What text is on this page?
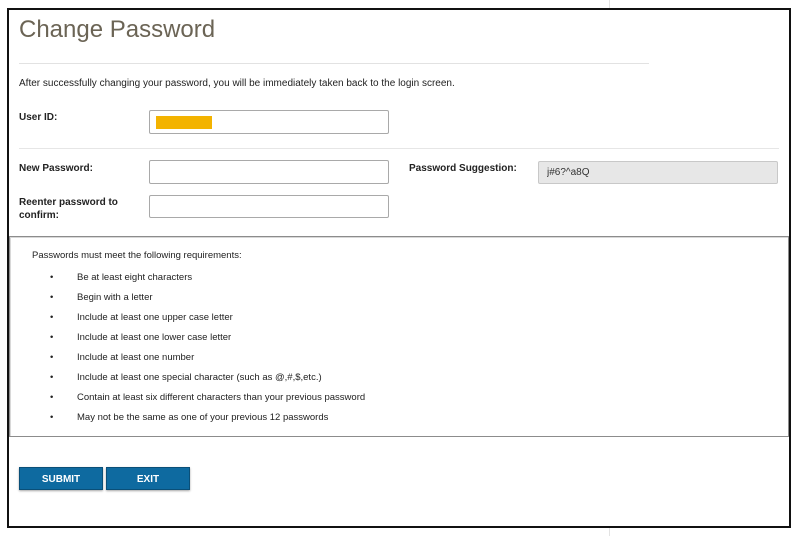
Change Password
After successfully changing your password, you will be immediately taken back to the login screen.
User ID:
New Password:
Reenter password to
confirm:
Password Suggestion:
j#6?^a8Q
Passwords must meet the following requirements:
• Be at least eight characters
• Begin with a letter
• Include at least one upper case letter
• Include at least one lower case letter
• Include at least one number
• Include at least one special character (such as @,#,$,etc.)
• Contain at least six different characters than your previous password
• May not be the same as one of your previous 12 passwords
SUBMIT	EXIT
